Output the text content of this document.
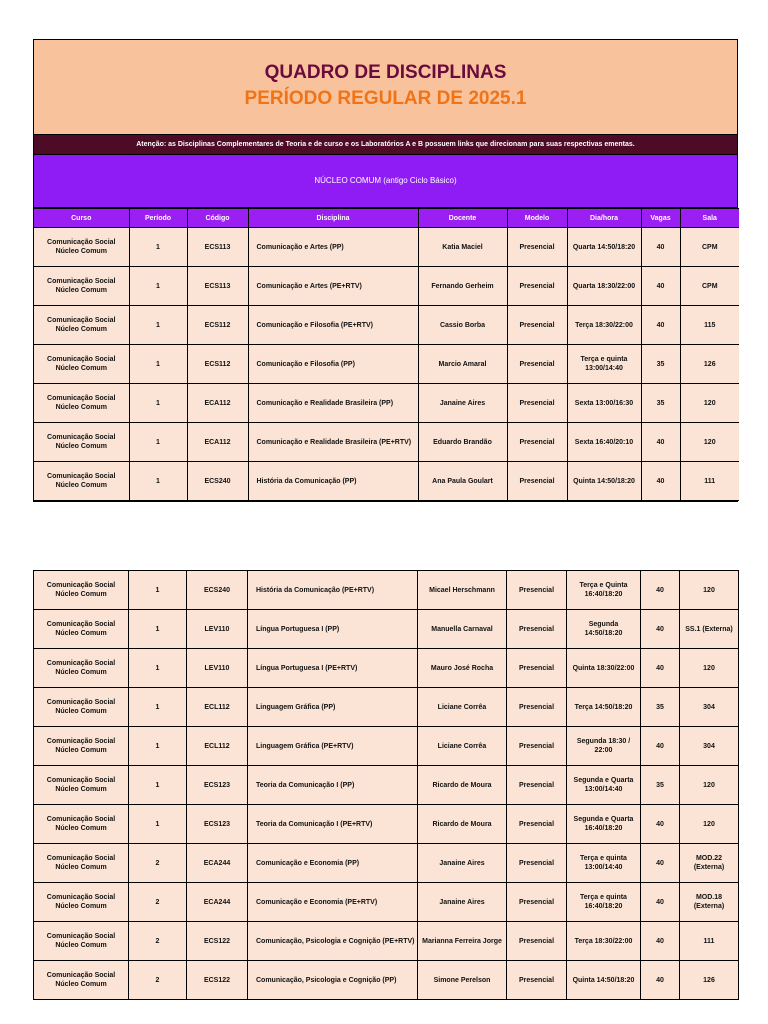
QUADRO DE DISCIPLINAS
PERÍODO REGULAR DE 2025.1
Atenção: as Disciplinas Complementares de Teoria e de curso e os Laboratórios A e B possuem links que direcionam para suas respectivas ementas.
NÚCLEO COMUM (antigo Ciclo Básico)
Curso	Período	Código	Disciplina	Docente	Modelo	Dia/hora	Vagas	Sala
Comunicação Social Núcleo Comum	1	ECS113	Comunicação e Artes (PP)	Katia Maciel	Presencial	Quarta 14:50/18:20	40	CPM
Comunicação Social Núcleo Comum	1	ECS113	Comunicação e Artes (PE+RTV)	Fernando Gerheim	Presencial	Quarta 18:30/22:00	40	CPM
Comunicação Social Núcleo Comum	1	ECS112	Comunicação e Filosofia (PE+RTV)	Cassio Borba	Presencial	Terça 18:30/22:00	40	115
Comunicação Social Núcleo Comum	1	ECS112	Comunicação e Filosofia (PP)	Marcio Amaral	Presencial	Terça e quinta 13:00/14:40	35	126
Comunicação Social Núcleo Comum	1	ECA112	Comunicação e Realidade Brasileira (PP)	Janaine Aires	Presencial	Sexta 13:00/16:30	35	120
Comunicação Social Núcleo Comum	1	ECA112	Comunicação e Realidade Brasileira (PE+RTV)	Eduardo Brandão	Presencial	Sexta 16:40/20:10	40	120
Comunicação Social Núcleo Comum	1	ECS240	História da Comunicação (PP)	Ana Paula Goulart	Presencial	Quinta 14:50/18:20	40	111
Comunicação Social Núcleo Comum	1	ECS240	História da Comunicação (PE+RTV)	Micael Herschmann	Presencial	Terça e Quinta 16:40/18:20	40	120
Comunicação Social Núcleo Comum	1	LEV110	Língua Portuguesa I (PP)	Manuella Carnaval	Presencial	Segunda 14:50/18:20	40	SS.1 (Externa)
Comunicação Social Núcleo Comum	1	LEV110	Língua Portuguesa I (PE+RTV)	Mauro José Rocha	Presencial	Quinta 18:30/22:00	40	120
Comunicação Social Núcleo Comum	1	ECL112	Linguagem Gráfica (PP)	Liciane Corrêa	Presencial	Terça 14:50/18:20	35	304
Comunicação Social Núcleo Comum	1	ECL112	Linguagem Gráfica (PE+RTV)	Liciane Corrêa	Presencial	Segunda 18:30 / 22:00	40	304
Comunicação Social Núcleo Comum	1	ECS123	Teoria da Comunicação I (PP)	Ricardo de Moura	Presencial	Segunda e Quarta 13:00/14:40	35	120
Comunicação Social Núcleo Comum	1	ECS123	Teoria da Comunicação I (PE+RTV)	Ricardo de Moura	Presencial	Segunda e Quarta 16:40/18:20	40	120
Comunicação Social Núcleo Comum	2	ECA244	Comunicação e Economia (PP)	Janaine Aires	Presencial	Terça e quinta 13:00/14:40	40	MOD.22 (Externa)
Comunicação Social Núcleo Comum	2	ECA244	Comunicação e Economia (PE+RTV)	Janaine Aires	Presencial	Terça e quinta 16:40/18:20	40	MOD.18 (Externa)
Comunicação Social Núcleo Comum	2	ECS122	Comunicação, Psicologia e Cognição (PE+RTV)	Marianna Ferreira Jorge	Presencial	Terça 18:30/22:00	40	111
Comunicação Social Núcleo Comum	2	ECS122	Comunicação, Psicologia e Cognição (PP)	Simone Perelson	Presencial	Quinta 14:50/18:20	40	126
